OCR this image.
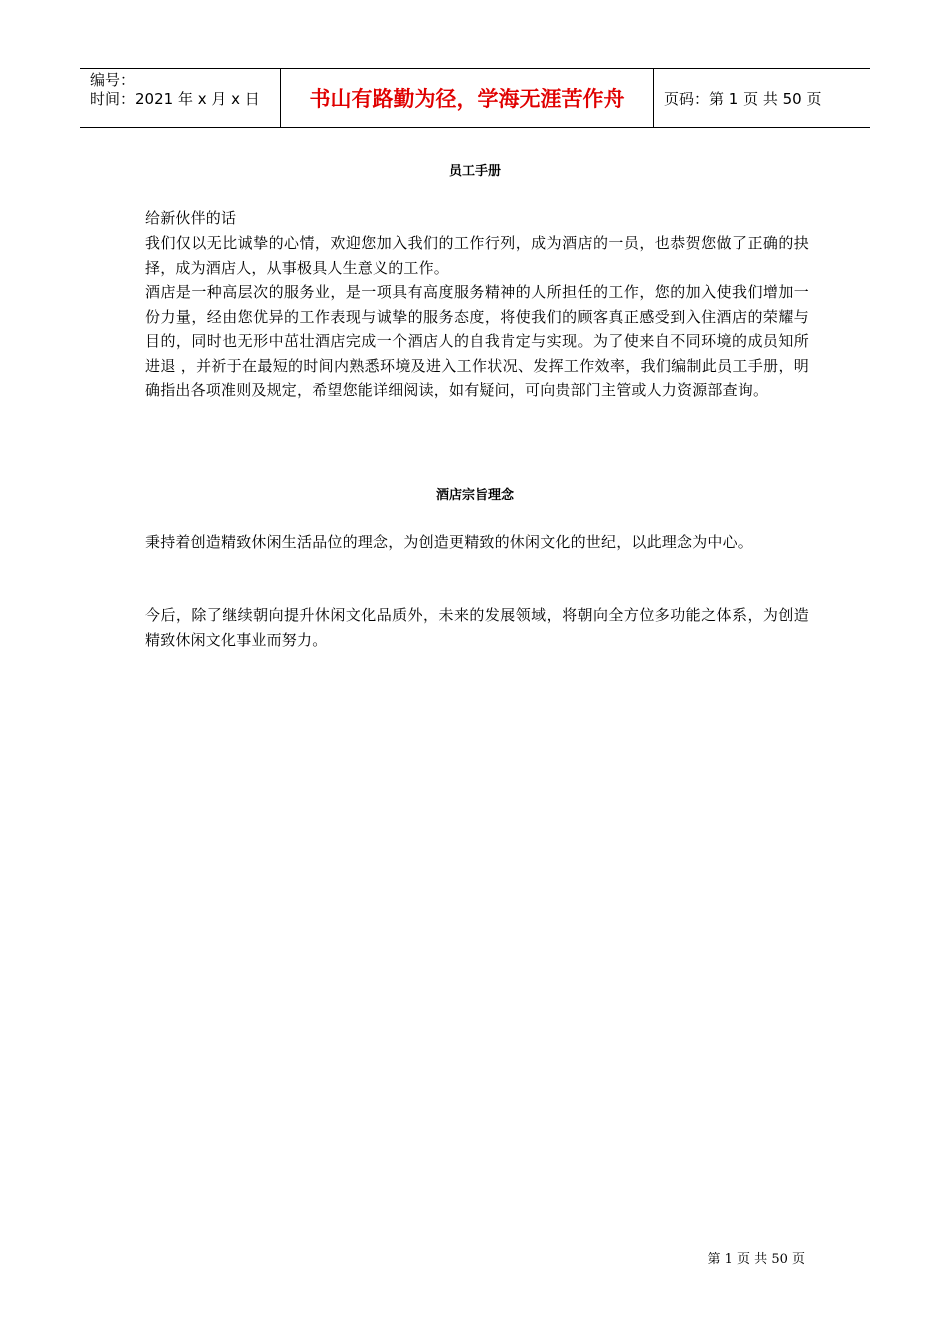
编号：
时间：2021 年 x 月 x 日	书山有路勤为径，学海无涯苦作舟	页码：第 1 页 共 50 页
员工手册
给新伙伴的话
我们仅以无比诚挚的心情，欢迎您加入我们的工作行列，成为酒店的一员，也恭贺您做了正确的抉择，成为酒店人，从事极具人生意义的工作。
酒店是一种高层次的服务业，是一项具有高度服务精神的人所担任的工作，您的加入使我们增加一份力量，经由您优异的工作表现与诚挚的服务态度，将使我们的顾客真正感受到入住酒店的荣耀与目的，同时也无形中茁壮酒店完成一个酒店人的自我肯定与实现。为了使来自不同环境的成员知所进退 ，并祈于在最短的时间内熟悉环境及进入工作状况、发挥工作效率，我们编制此员工手册，明确指出各项准则及规定，希望您能详细阅读，如有疑问，可向贵部门主管或人力资源部查询。
酒店宗旨理念
秉持着创造精致休闲生活品位的理念，为创造更精致的休闲文化的世纪，以此理念为中心。
今后，除了继续朝向提升休闲文化品质外，未来的发展领域，将朝向全方位多功能之体系，为创造精致休闲文化事业而努力。
第 1 页 共 50 页
